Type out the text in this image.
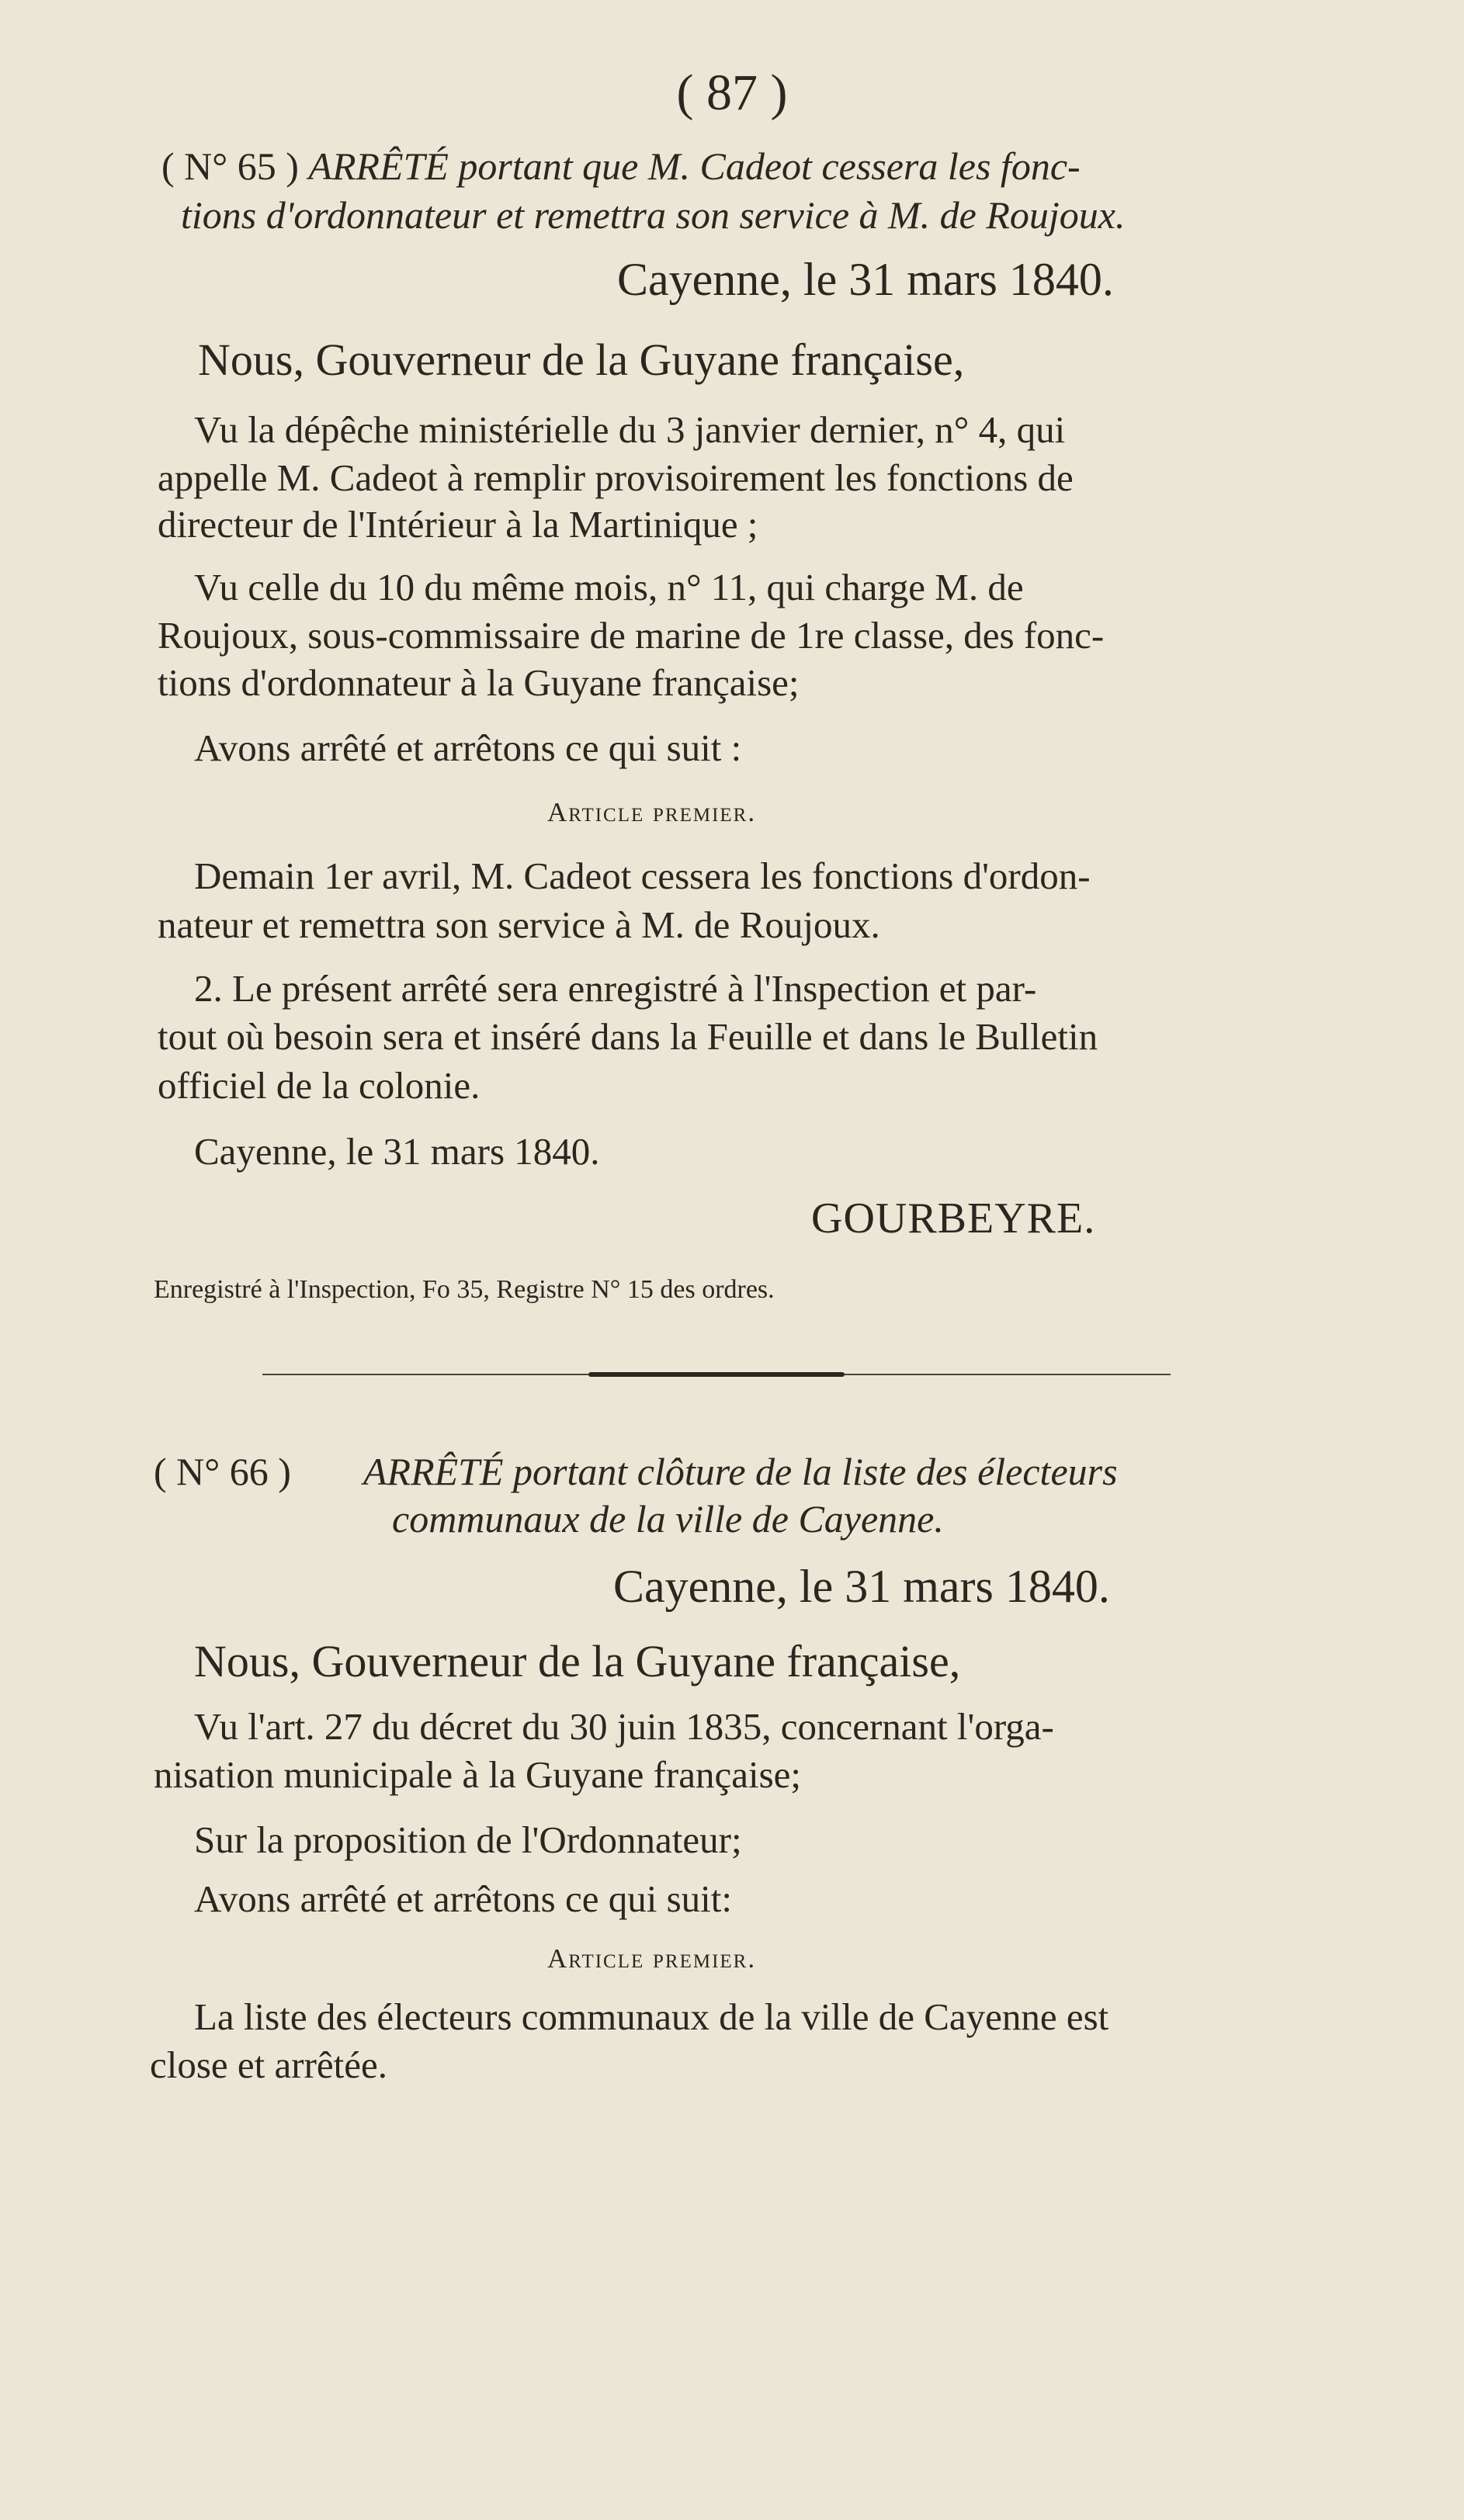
( 87 )
( N° 65 ) ARRÊTÉ portant que M. Cadeot cessera les fonc-
tions d'ordonnateur et remettra son service à M. de Roujoux.
Cayenne, le 31 mars 1840.
Nous, Gouverneur de la Guyane française,
Vu la dépêche ministérielle du 3 janvier dernier, n° 4, qui
appelle M. Cadeot à remplir provisoirement les fonctions de
directeur de l'Intérieur à la Martinique ;
Vu celle du 10 du même mois, n° 11, qui charge M. de
Roujoux, sous-commissaire de marine de 1re classe, des fonc-
tions d'ordonnateur à la Guyane française;
Avons arrêté et arrêtons ce qui suit :
Article premier.
Demain 1er avril, M. Cadeot cessera les fonctions d'ordon-
nateur et remettra son service à M. de Roujoux.
2. Le présent arrêté sera enregistré à l'Inspection et par-
tout où besoin sera et inséré dans la Feuille et dans le Bulletin
officiel de la colonie.
Cayenne, le 31 mars 1840.
GOURBEYRE.
Enregistré à l'Inspection, Fo 35, Registre N° 15 des ordres.
( N° 66 ) ARRÊTÉ portant clôture de la liste des électeurs
communaux de la ville de Cayenne.
Cayenne, le 31 mars 1840.
Nous, Gouverneur de la Guyane française,
Vu l'art. 27 du décret du 30 juin 1835, concernant l'orga-
nisation municipale à la Guyane française;
Sur la proposition de l'Ordonnateur;
Avons arrêté et arrêtons ce qui suit:
Article premier.
La liste des électeurs communaux de la ville de Cayenne est
close et arrêtée.
